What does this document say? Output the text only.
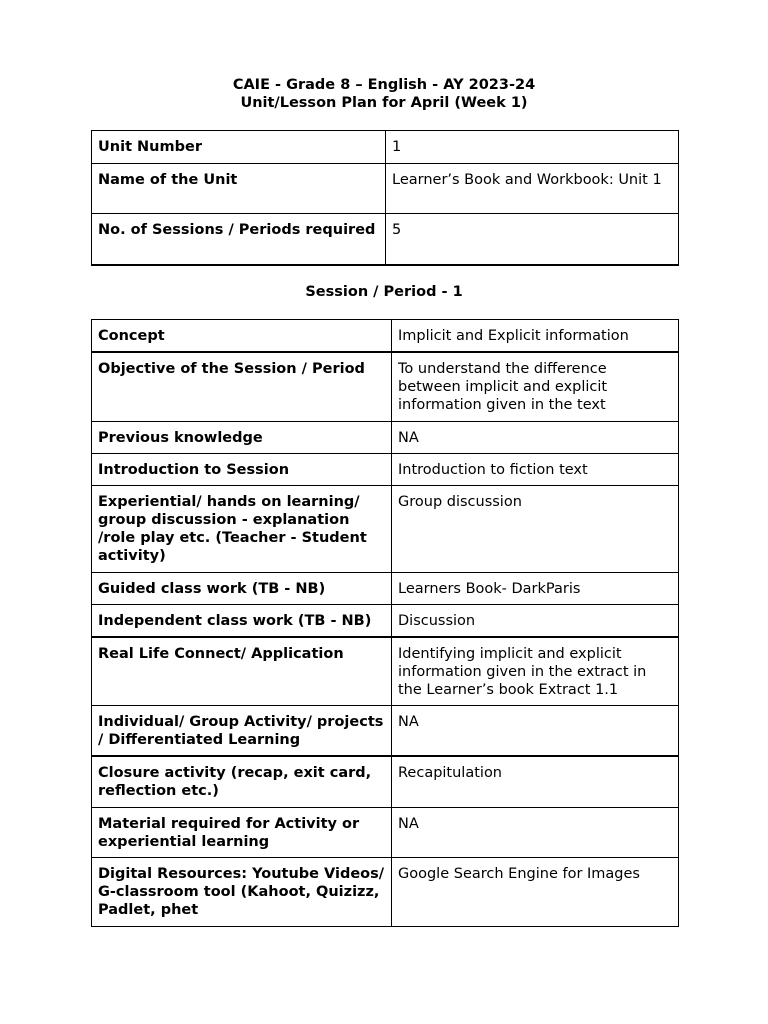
CAIE - Grade 8 – English - AY 2023-24
Unit/Lesson Plan for April (Week 1)
Unit Number	1
Name of the Unit	Learner’s Book and Workbook: Unit 1
No. of Sessions / Periods required	5
Session / Period - 1
Concept	Implicit and Explicit information
Objective of the Session / Period	To understand the difference between implicit and explicit information given in the text
Previous knowledge	NA
Introduction to Session	Introduction to fiction text
Experiential/ hands on learning/ group discussion - explanation /role play etc. (Teacher - Student activity)	Group discussion
Guided class work (TB - NB)	Learners Book- DarkParis
Independent class work (TB - NB)	Discussion
Real Life Connect/ Application	Identifying implicit and explicit information given in the extract in the Learner’s book Extract 1.1
Individual/ Group Activity/ projects / Differentiated Learning	NA
Closure activity (recap, exit card, reflection etc.)	Recapitulation
Material required for Activity or experiential learning	NA
Digital Resources: Youtube Videos/ G-classroom tool (Kahoot, Quizizz, Padlet, phet	Google Search Engine for Images
